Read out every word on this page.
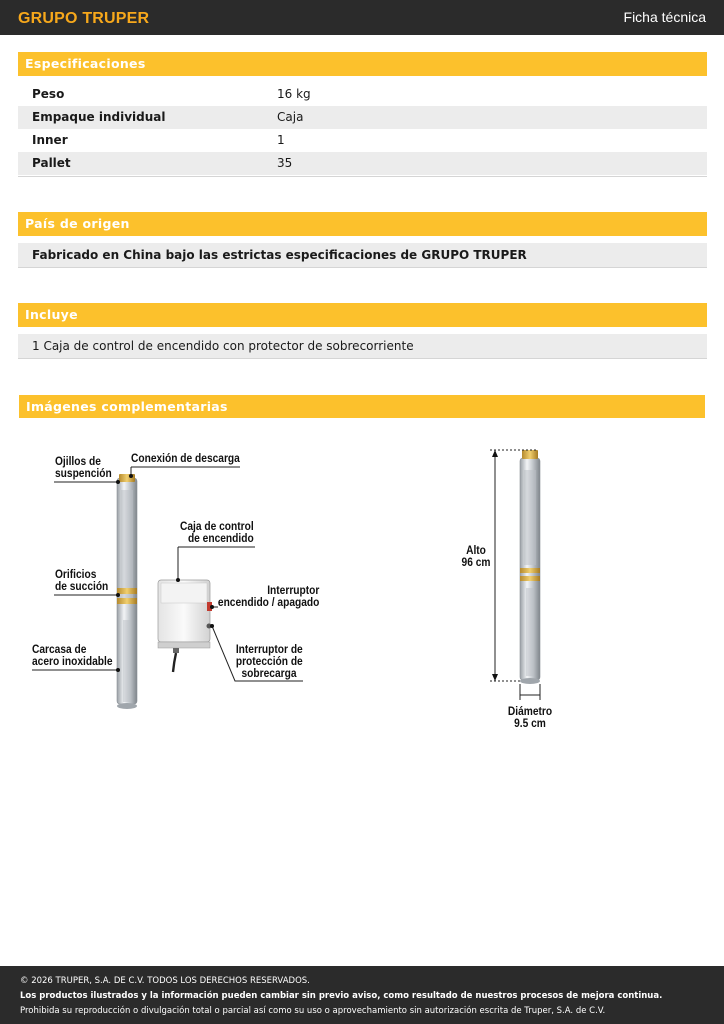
GRUPO TRUPER	Ficha técnica
Especificaciones
Peso	16 kg
Empaque individual	Caja
Inner	1
Pallet	35
País de origen
Fabricado en China bajo las estrictas especificaciones de GRUPO TRUPER
Incluye
1 Caja de control de encendido con protector de sobrecorriente
Imágenes complementarias
Ojillos de
suspención
Conexión de descarga
Caja de control
de encendido
Orificios
de succión	Interruptor
encendido / apagado
Carcasa de
acero inoxidable
Interruptor de
protección de
sobrecarga
Alto
96 cm
Diámetro
9.5 cm
© 2026 TRUPER, S.A. DE C.V. TODOS LOS DERECHOS RESERVADOS.
Los productos ilustrados y la información pueden cambiar sin previo aviso, como resultado de nuestros procesos de mejora continua.
Prohibida su reproducción o divulgación total o parcial así como su uso o aprovechamiento sin autorización escrita de Truper, S.A. de C.V.
